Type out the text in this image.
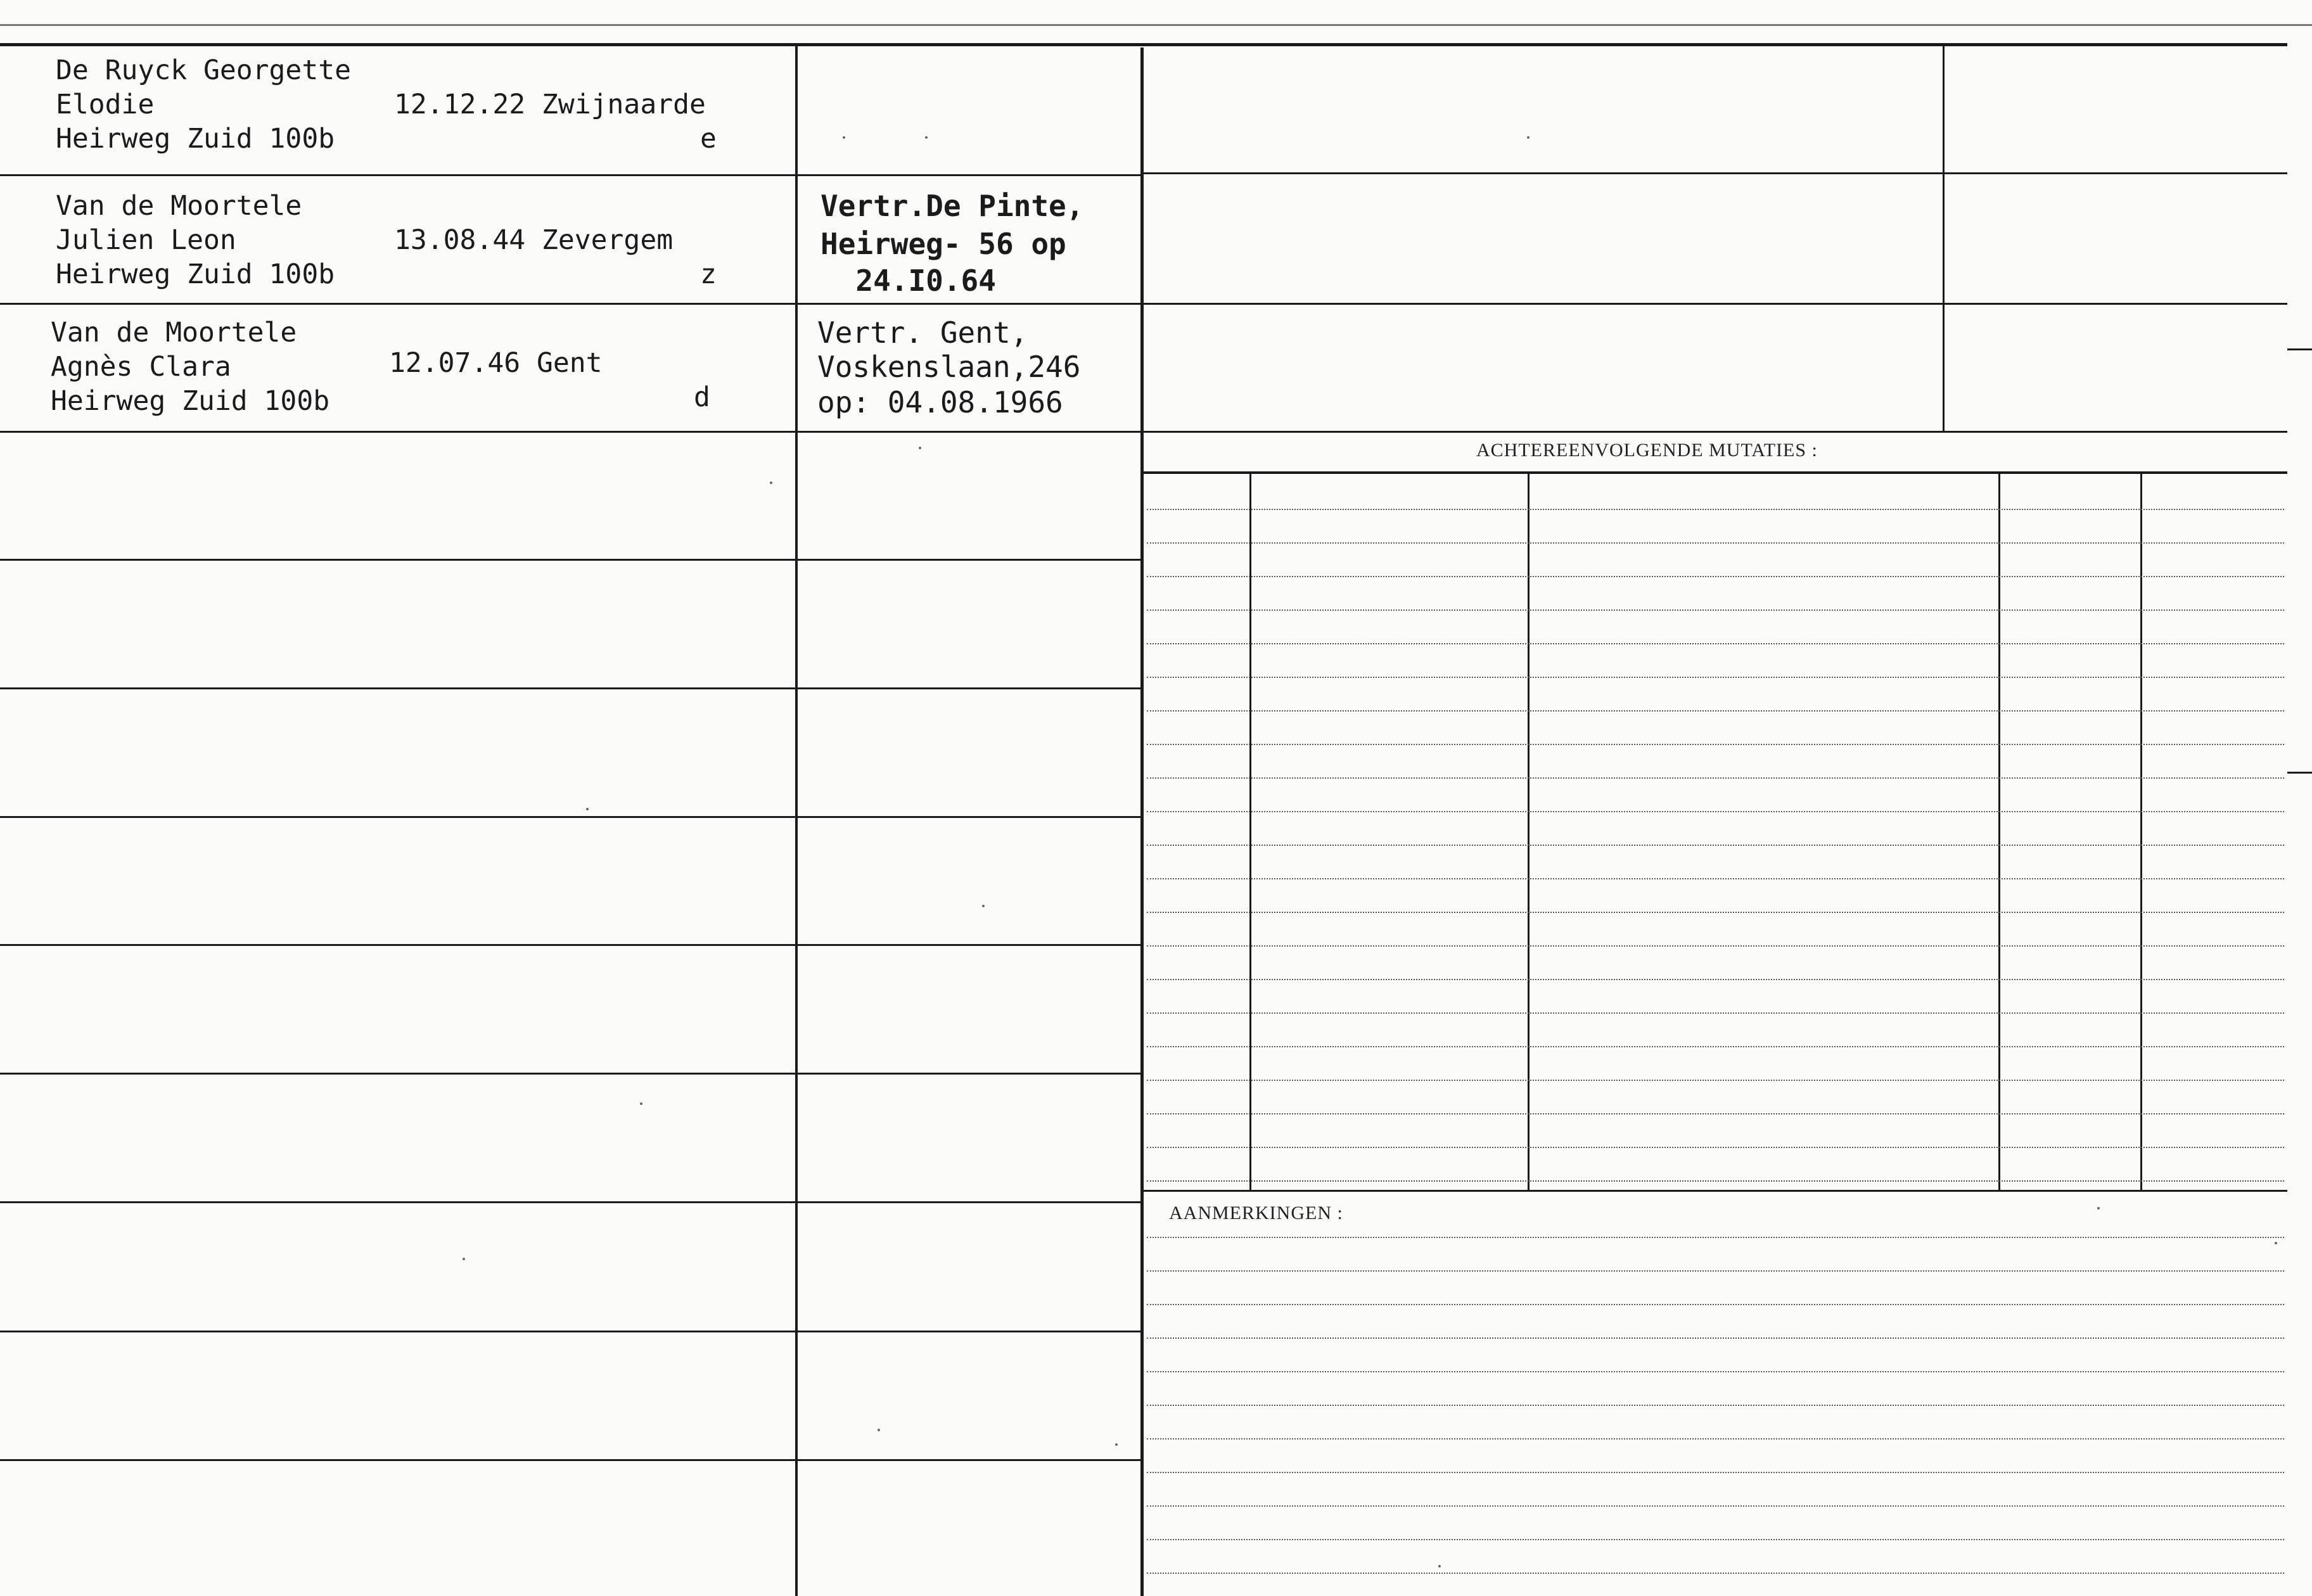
De Ruyck Georgette
Elodie
Heirweg Zuid 100b
12.12.22 Zwijnaarde
e
Van de Moortele
Julien Leon
Heirweg Zuid 100b
13.08.44 Zevergem
z
Vertr.De Pinte,
Heirweg- 56 op
24.I0.64
Van de Moortele
Agnès Clara
Heirweg Zuid 100b
12.07.46 Gent
d
Vertr. Gent,
Voskenslaan,246
op: 04.08.1966
ACHTEREENVOLGENDE MUTATIES :
AANMERKINGEN :
